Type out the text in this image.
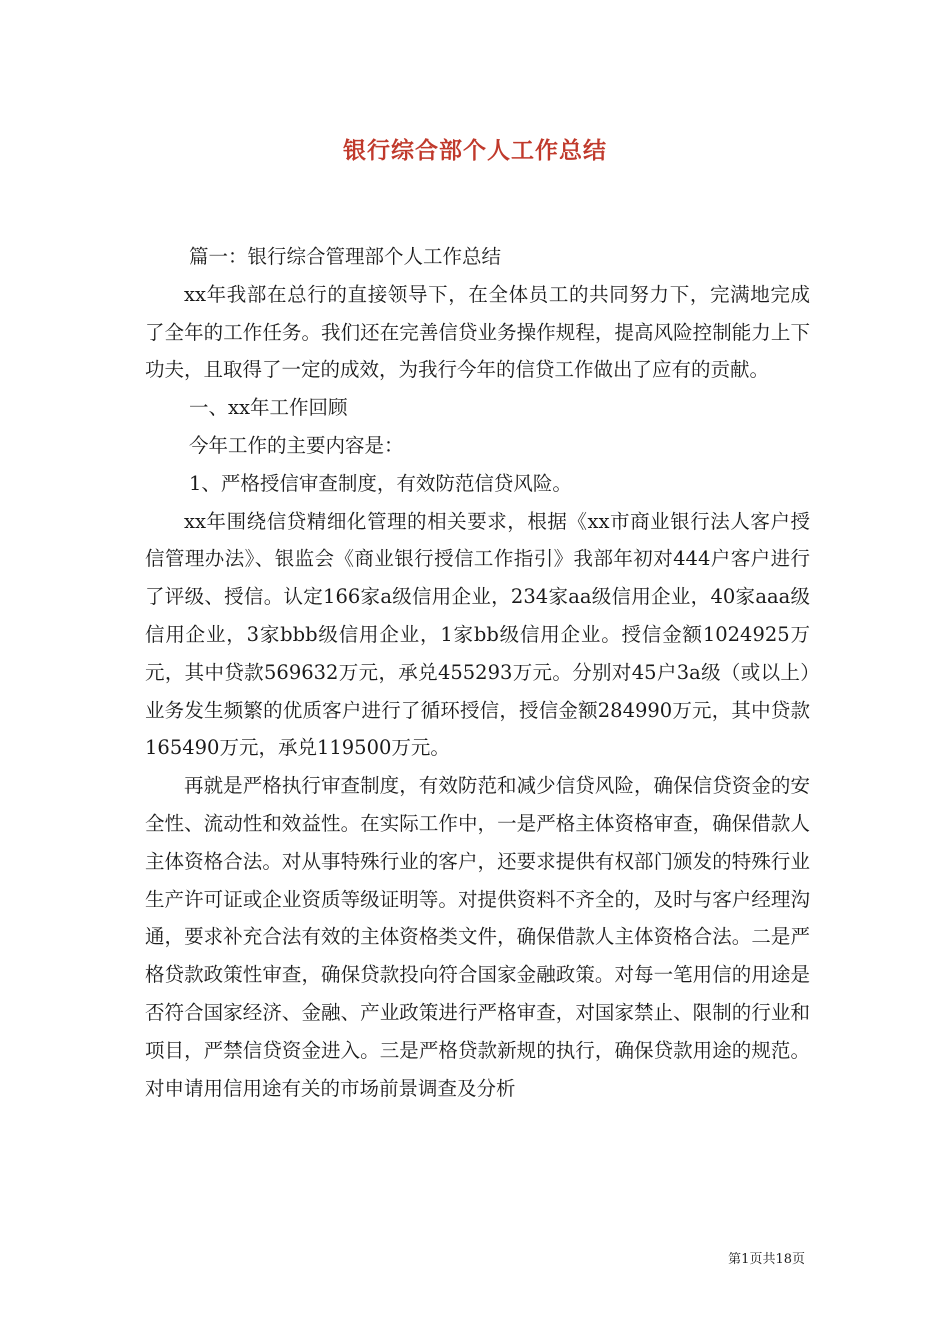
银行综合部个人工作总结

篇一：银行综合管理部个人工作总结

xx年我部在总行的直接领导下，在全体员工的共同努力下，完满地完成了全年的工作任务。我们还在完善信贷业务操作规程，提高风险控制能力上下功夫，且取得了一定的成效，为我行今年的信贷工作做出了应有的贡献。

一、xx年工作回顾

今年工作的主要内容是：

1、严格授信审查制度，有效防范信贷风险。

xx年围绕信贷精细化管理的相关要求，根据《xx市商业银行法人客户授信管理办法》、银监会《商业银行授信工作指引》我部年初对444户客户进行了评级、授信。认定166家a级信用企业，234家aa级信用企业，40家aaa级信用企业，3家bbb级信用企业，1家bb级信用企业。授信金额1024925万元，其中贷款569632万元，承兑455293万元。分别对45户3a级（或以上）业务发生频繁的优质客户进行了循环授信，授信金额284990万元，其中贷款165490万元，承兑119500万元。

再就是严格执行审查制度，有效防范和减少信贷风险，确保信贷资金的安全性、流动性和效益性。在实际工作中，一是严格主体资格审查，确保借款人主体资格合法。对从事特殊行业的客户，还要求提供有权部门颁发的特殊行业生产许可证或企业资质等级证明等。对提供资料不齐全的，及时与客户经理沟通，要求补充合法有效的主体资格类文件，确保借款人主体资格合法。二是严格贷款政策性审查，确保贷款投向符合国家金融政策。对每一笔用信的用途是否符合国家经济、金融、产业政策进行严格审查，对国家禁止、限制的行业和项目，严禁信贷资金进入。三是严格贷款新规的执行，确保贷款用途的规范。对申请用信用途有关的市场前景调查及分析

第1页共18页
